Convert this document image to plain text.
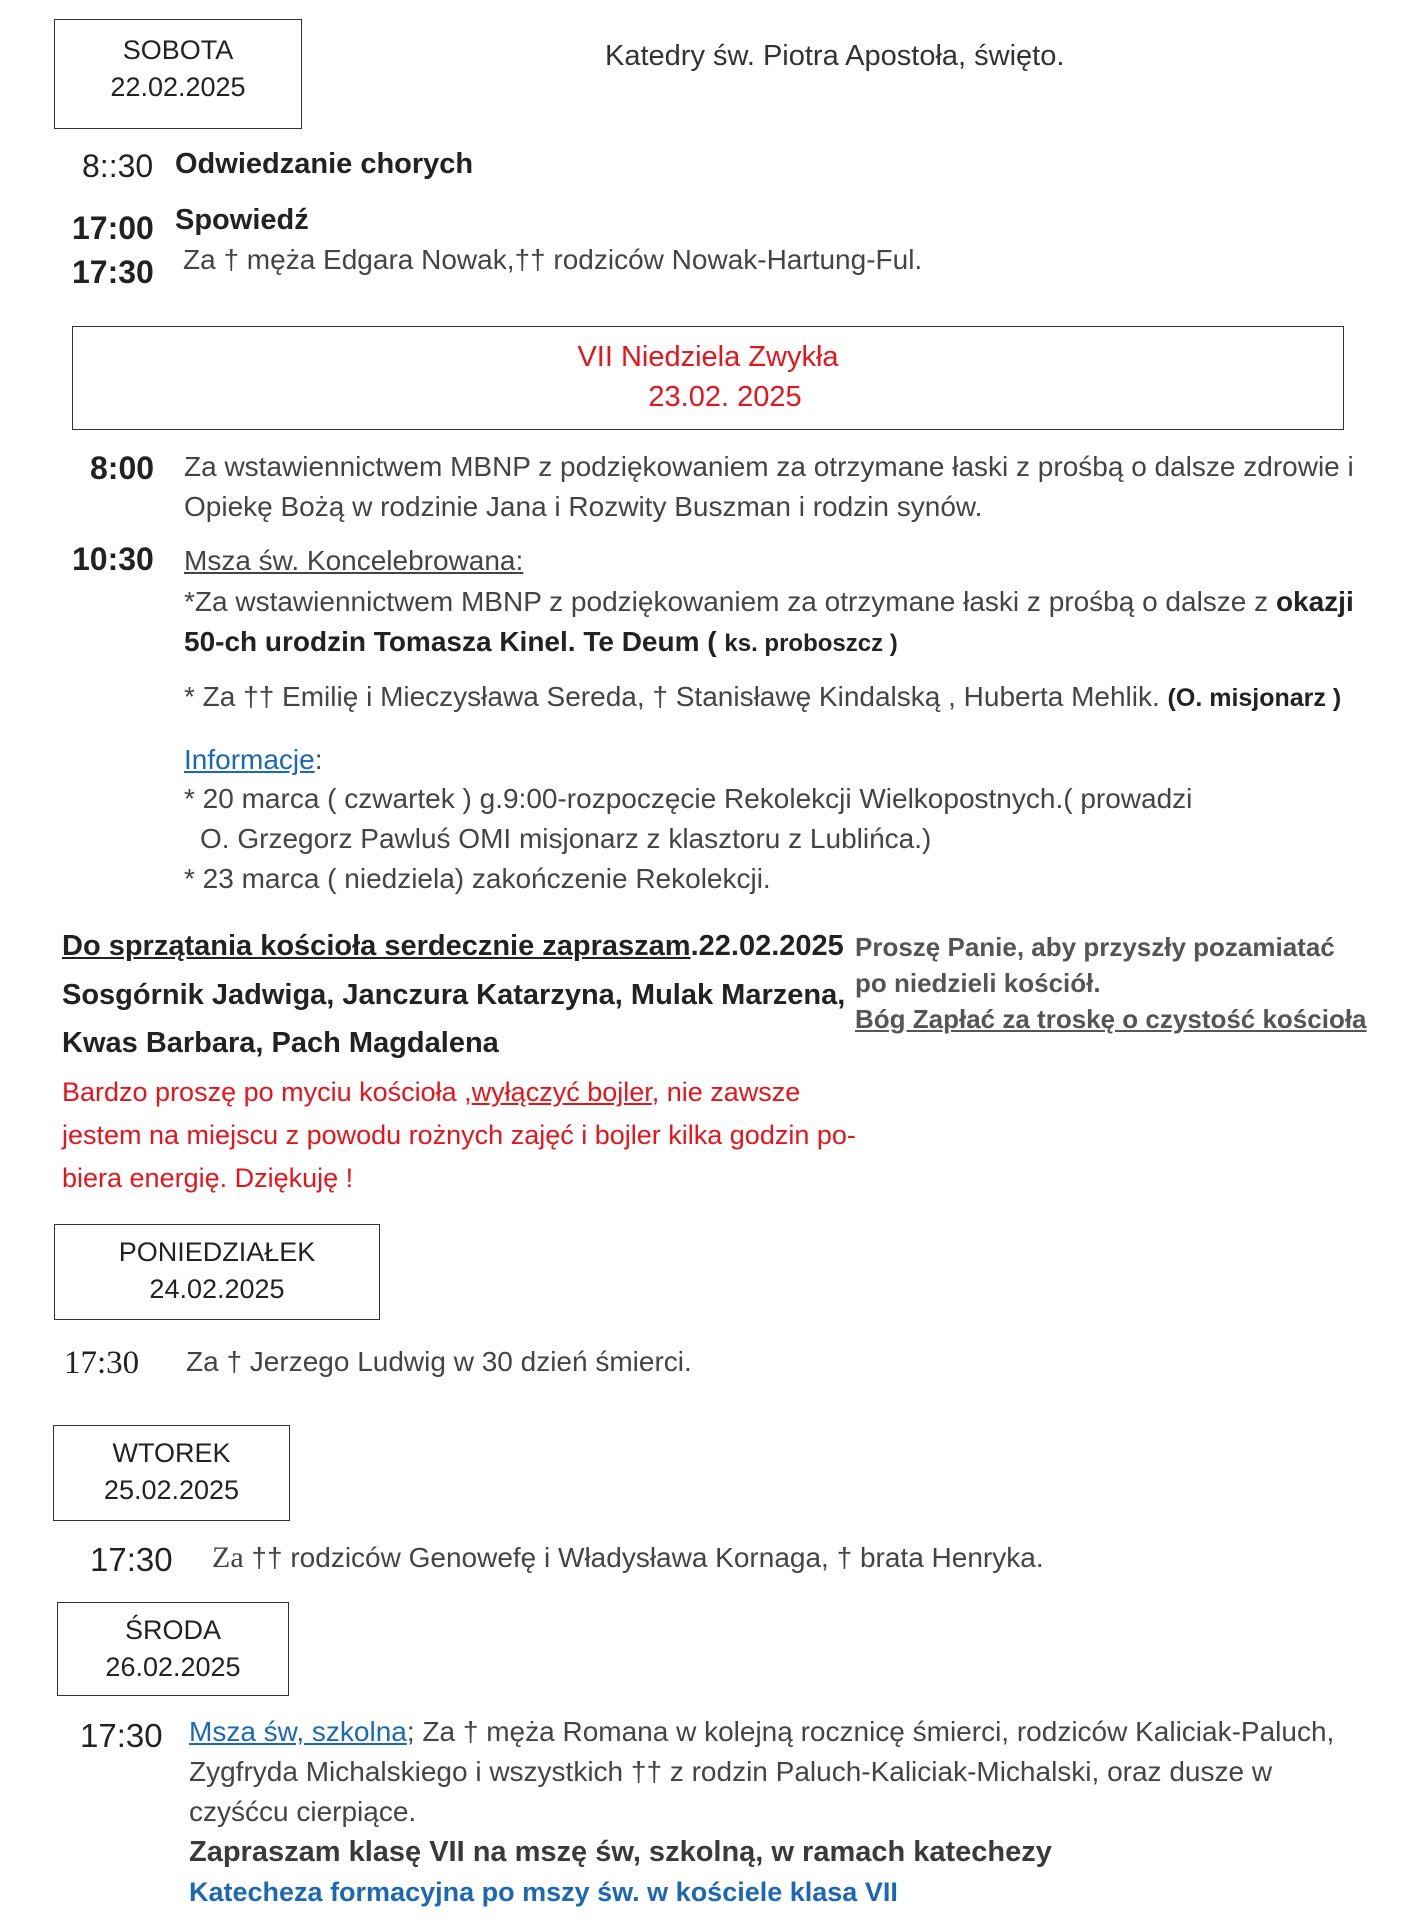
SOBOTA
22.02.2025
Katedry św. Piotra Apostoła, święto.
8::30 Odwiedzanie chorych
17:00 Spowiedź
17:30 Za † męża Edgara Nowak,†† rodziców Nowak-Hartung-Ful.
VII Niedziela Zwykła
23.02. 2025
8:00 Za wstawiennictwem MBNP z podziękowaniem za otrzymane łaski z prośbą o dalsze zdrowie i
Opiekę Bożą w rodzinie Jana i Rozwity Buszman i rodzin synów.
10:30 Msza św. Koncelebrowana:
*Za wstawiennictwem MBNP z podziękowaniem za otrzymane łaski z prośbą o dalsze z okazji
50-ch urodzin Tomasza Kinel. Te Deum ( ks. proboszcz )
* Za †† Emilię i Mieczysława Sereda, † Stanisławę Kindalską , Huberta Mehlik. (O. misjonarz )
Informacje:
* 20 marca ( czwartek ) g.9:00-rozpoczęcie Rekolekcji Wielkopostnych.( prowadzi
O. Grzegorz Pawluś OMI misjonarz z klasztoru z Lublińca.)
* 23 marca ( niedziela) zakończenie Rekolekcji.
Do sprzątania kościoła serdecznie zapraszam.22.02.2025
Sosgórnik Jadwiga, Janczura Katarzyna, Mulak Marzena,
Kwas Barbara, Pach Magdalena
Bardzo proszę po myciu kościoła ,wyłączyć bojler, nie zawsze
jestem na miejscu z powodu rożnych zajęć i bojler kilka godzin po-
biera energię. Dziękuję !
Proszę Panie, aby przyszły pozamiatać
po niedzieli kościół.
Bóg Zapłać za troskę o czystość kościoła
PONIEDZIAŁEK
24.02.2025
17:30 Za † Jerzego Ludwig w 30 dzień śmierci.
WTOREK
25.02.2025
17:30 Za †† rodziców Genowefę i Władysława Kornaga, † brata Henryka.
ŚRODA
26.02.2025
17:30 Msza św, szkolna; Za † męża Romana w kolejną rocznicę śmierci, rodziców Kaliciak-Paluch,
Zygfryda Michalskiego i wszystkich †† z rodzin Paluch-Kaliciak-Michalski, oraz dusze w
czyśćcu cierpiące.
Zapraszam klasę VII na mszę św, szkolną, w ramach katechezy
Katecheza formacyjna po mszy św. w kościele klasa VII
